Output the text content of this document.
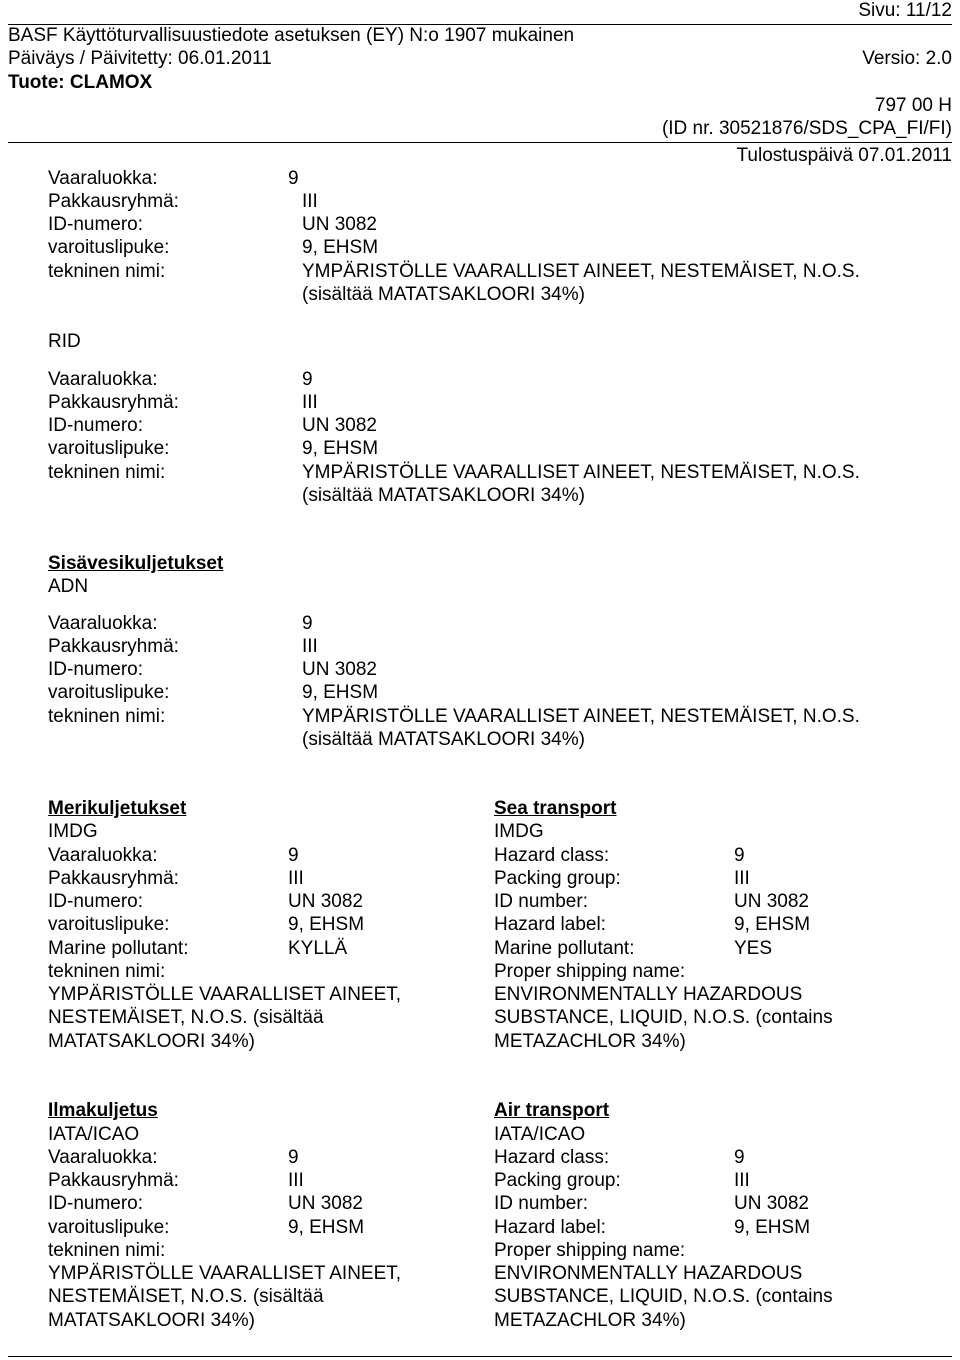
Sivu: 11/12
BASF Käyttöturvallisuustiedote asetuksen (EY) N:o 1907 mukainen
Päiväys / Päivitetty: 06.01.2011	Versio: 2.0
Tuote: CLAMOX
797 00 H
(ID nr. 30521876/SDS_CPA_FI/FI)
Tulostuspäivä 07.01.2011
Vaaraluokka:	9
Pakkausryhmä:	III
ID-numero:	UN 3082
varoituslipuke:	9, EHSM
tekninen nimi:	YMPÄRISTÖLLE VAARALLISET AINEET, NESTEMÄISET, N.O.S.
(sisältää MATATSAKLOORI 34%)
RID
Vaaraluokka:	9
Pakkausryhmä:	III
ID-numero:	UN 3082
varoituslipuke:	9, EHSM
tekninen nimi:	YMPÄRISTÖLLE VAARALLISET AINEET, NESTEMÄISET, N.O.S.
(sisältää MATATSAKLOORI 34%)
Sisävesikuljetukset
ADN
Vaaraluokka:	9
Pakkausryhmä:	III
ID-numero:	UN 3082
varoituslipuke:	9, EHSM
tekninen nimi:	YMPÄRISTÖLLE VAARALLISET AINEET, NESTEMÄISET, N.O.S.
(sisältää MATATSAKLOORI 34%)
Merikuljetukset
IMDG
Vaaraluokka:	9
Pakkausryhmä:	III
ID-numero:	UN 3082
varoituslipuke:	9, EHSM
Marine pollutant:	KYLLÄ
tekninen nimi:
YMPÄRISTÖLLE VAARALLISET AINEET,
NESTEMÄISET, N.O.S. (sisältää
MATATSAKLOORI 34%)
Sea transport
IMDG
Hazard class:	9
Packing group:	III
ID number:	UN 3082
Hazard label:	9, EHSM
Marine pollutant:	YES
Proper shipping name:
ENVIRONMENTALLY HAZARDOUS
SUBSTANCE, LIQUID, N.O.S. (contains
METAZACHLOR 34%)
Ilmakuljetus
IATA/ICAO
Vaaraluokka:	9
Pakkausryhmä:	III
ID-numero:	UN 3082
varoituslipuke:	9, EHSM
tekninen nimi:
YMPÄRISTÖLLE VAARALLISET AINEET,
NESTEMÄISET, N.O.S. (sisältää
MATATSAKLOORI 34%)
Air transport
IATA/ICAO
Hazard class:	9
Packing group:	III
ID number:	UN 3082
Hazard label:	9, EHSM
Proper shipping name:
ENVIRONMENTALLY HAZARDOUS
SUBSTANCE, LIQUID, N.O.S. (contains
METAZACHLOR 34%)
